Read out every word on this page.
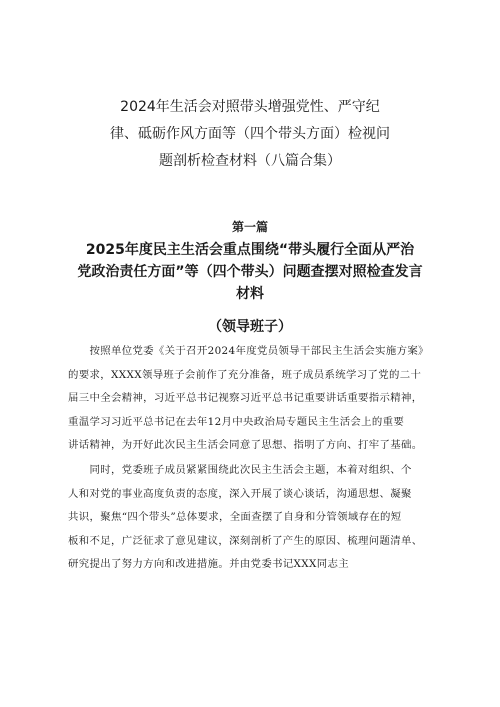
2024年生活会对照带头增强党性、严守纪
律、砥砺作风方面等（四个带头方面）检视问
题剖析检查材料（八篇合集）
第一篇
2025年度民主生活会重点围绕“带头履行全面从严治
党政治责任方面”等（四个带头）问题查摆对照检查发言
材料
（领导班子）
　　按照单位党委《关于召开2024年度党员领导干部民主生活会实施方案》
的要求，XXXX领导班子会前作了充分准备，班子成员系统学习了党的二十
届三中全会精神，习近平总书记视察习近平总书记重要讲话重要指示精神，
重温学习习近平总书记在去年12月中央政治局专题民主生活会上的重要
讲话精神，为开好此次民主生活会同意了思想、指明了方向、打牢了基础。
　　同时，党委班子成员紧紧围绕此次民主生活会主题，本着对组织、个
人和对党的事业高度负责的态度，深入开展了谈心谈话，沟通思想、凝聚
共识，聚焦“四个带头”总体要求，全面查摆了自身和分管领域存在的短
板和不足，广泛征求了意见建议，深刻剖析了产生的原因、梳理问题清单、
研究提出了努力方向和改进措施。并由党委书记XXX同志主
